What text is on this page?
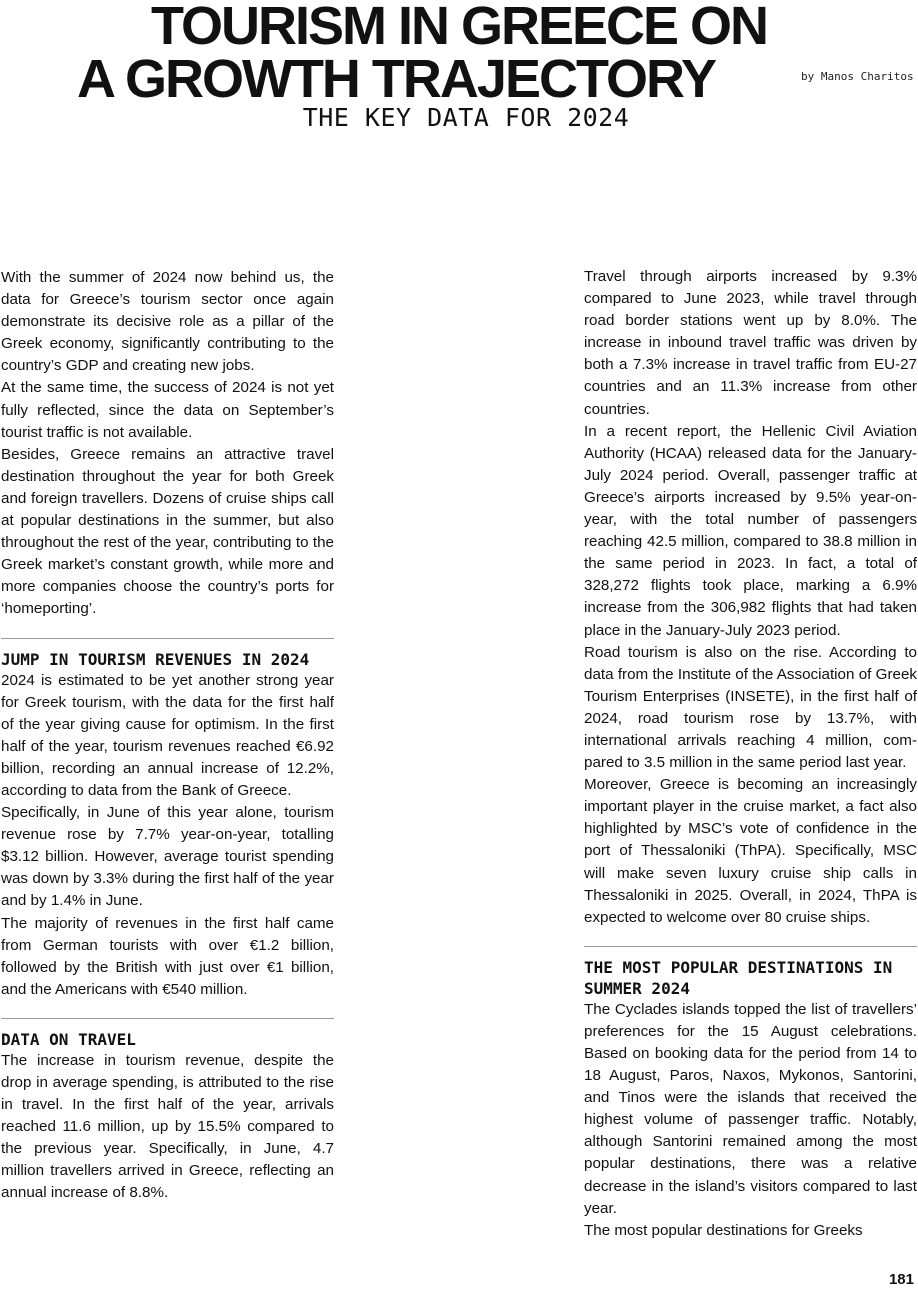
TOURISM IN GREECE ON
A GROWTH TRAJECTORY	by Manos Charitos
THE KEY DATA FOR 2024

With the summer of 2024 now behind us, the data for Greece’s tourism sector once again demonstrate its decisive role as a pillar of the Greek economy, significantly contributing to the country’s GDP and creating new jobs.

At the same time, the success of 2024 is not yet fully reflected, since the data on September’s tourist traffic is not available.

Besides, Greece remains an attractive travel destination throughout the year for both Greek and foreign travellers. Dozens of cruise ships call at popular destinations in the summer, but also throughout the rest of the year, contributing to the Greek market’s constant growth, while more and more companies choose the country’s ports for ‘homeporting’.

JUMP IN TOURISM REVENUES IN 2024

2024 is estimated to be yet another strong year for Greek tourism, with the data for the first half of the year giving cause for optimism. In the first half of the year, tourism revenues reached €6.92 billion, recording an annual increase of 12.2%, according to data from the Bank of Greece.

Specifically, in June of this year alone, tourism revenue rose by 7.7% year-on-year, totalling $3.12 billion. However, average tourist spending was down by 3.3% during the first half of the year and by 1.4% in June.

The majority of revenues in the first half came from German tourists with over €1.2 billion, followed by the British with just over €1 billion, and the Americans with €540 million.

DATA ON TRAVEL

The increase in tourism revenue, despite the drop in average spending, is attributed to the rise in travel. In the first half of the year, arrivals reached 11.6 million, up by 15.5% compared to the previous year. Specifically, in June, 4.7 million travellers arrived in Greece, reflecting an annual increase of 8.8%.

Travel through airports increased by 9.3% compared to June 2023, while travel through road border stations went up by 8.0%. The increase in inbound travel traffic was driven by both a 7.3% increase in travel traffic from EU-27 countries and an 11.3% increase from other countries.

In a recent report, the Hellenic Civil Aviation Authority (HCAA) released data for the January-July 2024 period. Overall, passenger traffic at Greece’s airports increased by 9.5% year-on-year, with the total number of passengers reaching 42.5 million, compared to 38.8 million in the same period in 2023. In fact, a total of 328,272 flights took place, marking a 6.9% increase from the 306,982 flights that had taken place in the January-July 2023 period.

Road tourism is also on the rise. According to data from the Institute of the Association of Greek Tourism Enterprises (INSETE), in the first half of 2024, road tourism rose by 13.7%, with international arrivals reaching 4 million, compared to 3.5 million in the same period last year.

Moreover, Greece is becoming an increasingly important player in the cruise market, a fact also highlighted by MSC’s vote of confidence in the port of Thessaloniki (ThPA). Specifically, MSC will make seven luxury cruise ship calls in Thessaloniki in 2025. Overall, in 2024, ThPA is expected to welcome over 80 cruise ships.

THE MOST POPULAR DESTINATIONS IN SUMMER 2024

The Cyclades islands topped the list of travellers’ preferences for the 15 August celebrations. Based on booking data for the period from 14 to 18 August, Paros, Naxos, Mykonos, Santorini, and Tinos were the islands that received the highest volume of passenger traffic. Notably, although Santorini remained among the most popular destinations, there was a relative decrease in the island’s visitors compared to last year.

The most popular destinations for Greeks

181
